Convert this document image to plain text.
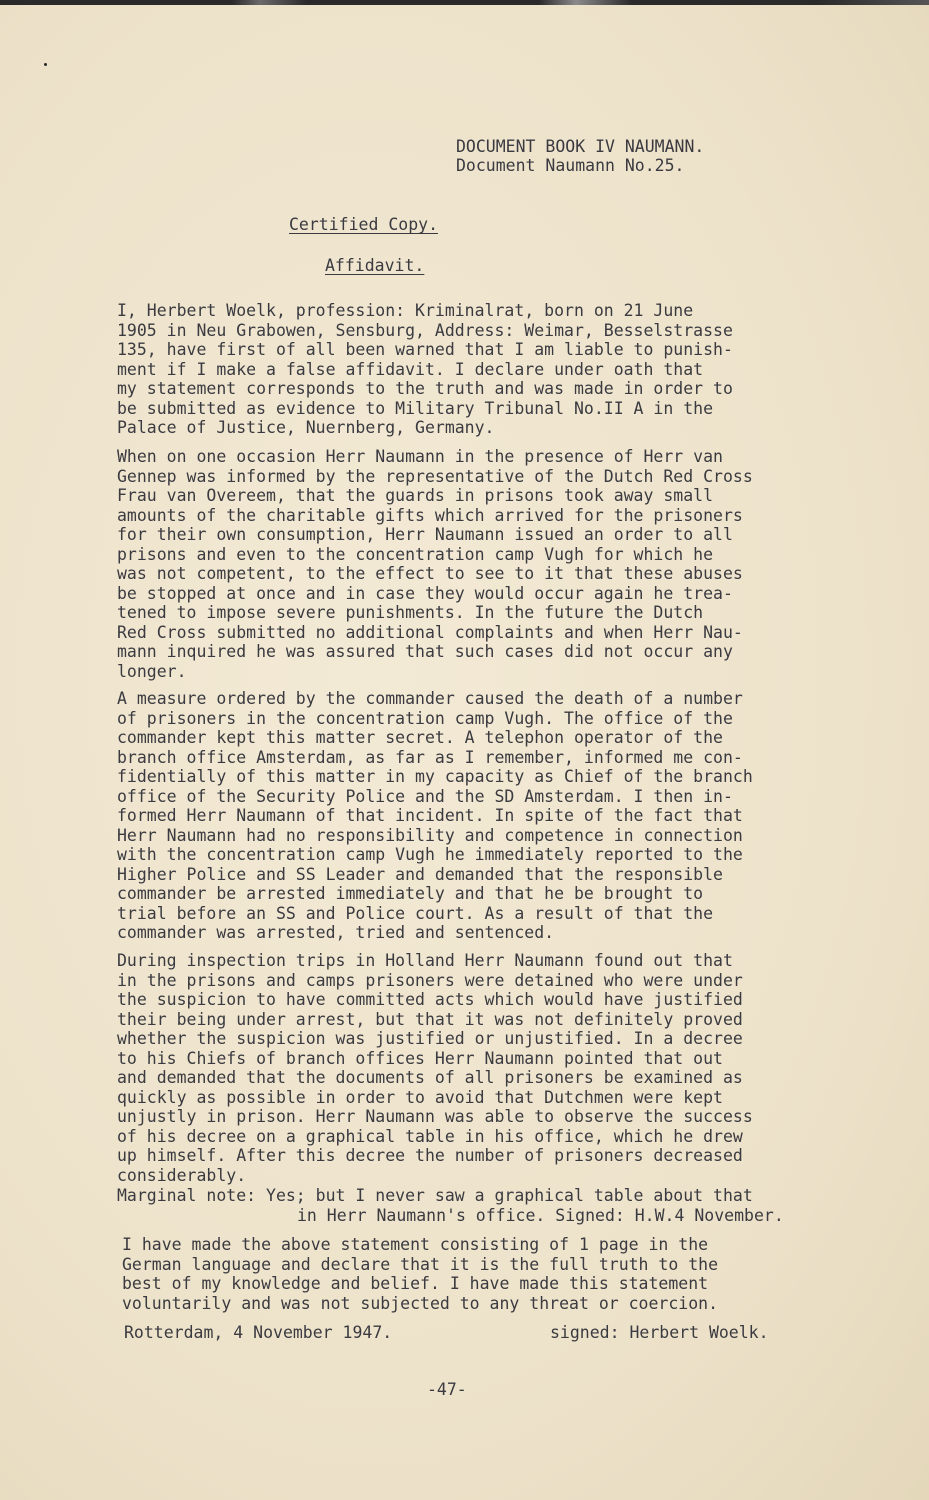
DOCUMENT BOOK IV NAUMANN.
Document Naumann No.25.
Certified Copy.
Affidavit.
I, Herbert Woelk, profession: Kriminalrat, born on 21 June
1905 in Neu Grabowen, Sensburg, Address: Weimar, Besselstrasse
135, have first of all been warned that I am liable to punish-
ment if I make a false affidavit. I declare under oath that
my statement corresponds to the truth and was made in order to
be submitted as evidence to Military Tribunal No.II A in the
Palace of Justice, Nuernberg, Germany.
When on one occasion Herr Naumann in the presence of Herr van
Gennep was informed by the representative of the Dutch Red Cross
Frau van Overeem, that the guards in prisons took away small
amounts of the charitable gifts which arrived for the prisoners
for their own consumption, Herr Naumann issued an order to all
prisons and even to the concentration camp Vugh for which he
was not competent, to the effect to see to it that these abuses
be stopped at once and in case they would occur again he trea-
tened to impose severe punishments. In the future the Dutch
Red Cross submitted no additional complaints and when Herr Nau-
mann inquired he was assured that such cases did not occur any
longer.
A measure ordered by the commander caused the death of a number
of prisoners in the concentration camp Vugh. The office of the
commander kept this matter secret. A telephon operator of the
branch office Amsterdam, as far as I remember, informed me con-
fidentially of this matter in my capacity as Chief of the branch
office of the Security Police and the SD Amsterdam. I then in-
formed Herr Naumann of that incident. In spite of the fact that
Herr Naumann had no responsibility and competence in connection
with the concentration camp Vugh he immediately reported to the
Higher Police and SS Leader and demanded that the responsible
commander be arrested immediately and that he be brought to
trial before an SS and Police court. As a result of that the
commander was arrested, tried and sentenced.
During inspection trips in Holland Herr Naumann found out that
in the prisons and camps prisoners were detained who were under
the suspicion to have committed acts which would have justified
their being under arrest, but that it was not definitely proved
whether the suspicion was justified or unjustified. In a decree
to his Chiefs of branch offices Herr Naumann pointed that out
and demanded that the documents of all prisoners be examined as
quickly as possible in order to avoid that Dutchmen were kept
unjustly in prison. Herr Naumann was able to observe the success
of his decree on a graphical table in his office, which he drew
up himself. After this decree the number of prisoners decreased
considerably.
Marginal note: Yes; but I never saw a graphical table about that
in Herr Naumann's office. Signed: H.W.4 November.
I have made the above statement consisting of 1 page in the
German language and declare that it is the full truth to the
best of my knowledge and belief. I have made this statement
voluntarily and was not subjected to any threat or coercion.
Rotterdam, 4 November 1947.	signed: Herbert Woelk.
-47-
